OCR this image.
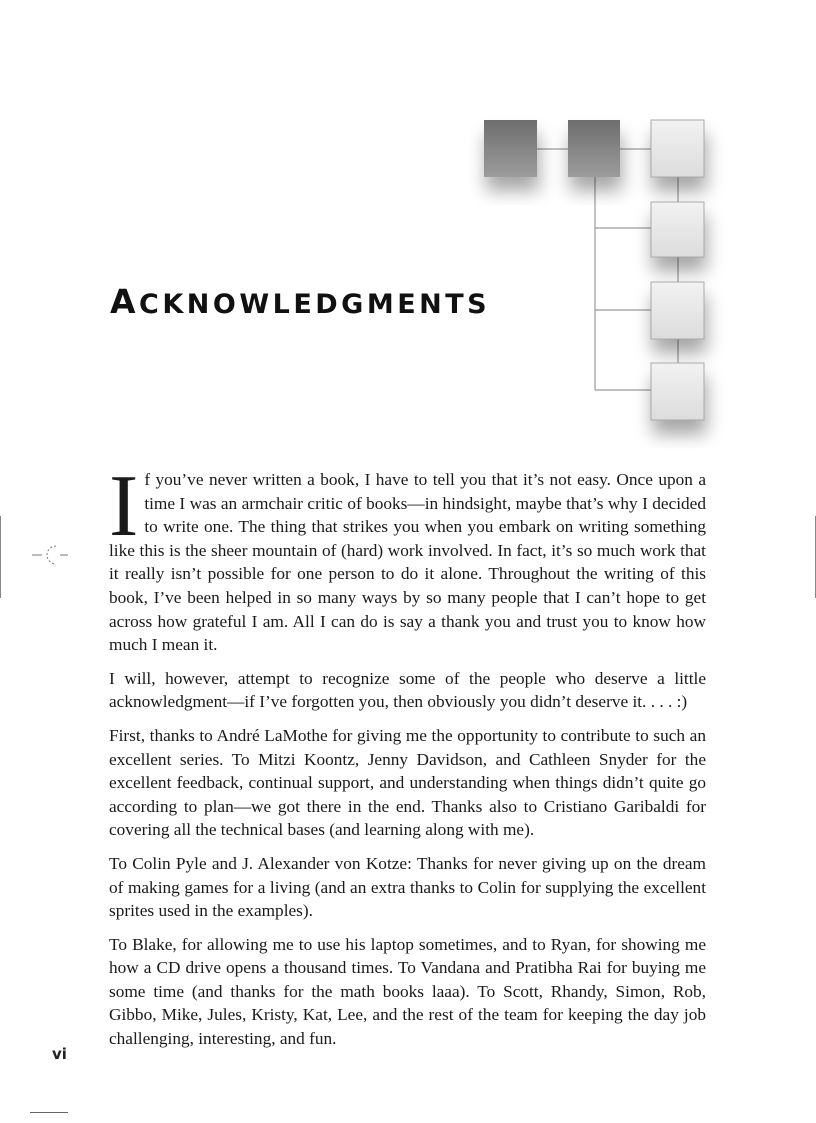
ACKNOWLEDGMENTS

If you’ve never written a book, I have to tell you that it’s not easy. Once upon a time I was an armchair critic of books—in hindsight, maybe that’s why I decided to write one. The thing that strikes you when you embark on writing something like this is the sheer mountain of (hard) work involved. In fact, it’s so much work that it really isn’t possible for one person to do it alone. Throughout the writing of this book, I’ve been helped in so many ways by so many people that I can’t hope to get across how grateful I am. All I can do is say a thank you and trust you to know how much I mean it.

I will, however, attempt to recognize some of the people who deserve a little acknowledgment—if I’ve forgotten you, then obviously you didn’t deserve it. . . . :)

First, thanks to André LaMothe for giving me the opportunity to contribute to such an excellent series. To Mitzi Koontz, Jenny Davidson, and Cathleen Snyder for the excellent feedback, continual support, and understanding when things didn’t quite go according to plan—we got there in the end. Thanks also to Cristiano Garibaldi for covering all the technical bases (and learning along with me).

To Colin Pyle and J. Alexander von Kotze: Thanks for never giving up on the dream of making games for a living (and an extra thanks to Colin for supplying the excellent sprites used in the examples).

To Blake, for allowing me to use his laptop sometimes, and to Ryan, for showing me how a CD drive opens a thousand times. To Vandana and Pratibha Rai for buying me some time (and thanks for the math books laaa). To Scott, Rhandy, Simon, Rob, Gibbo, Mike, Jules, Kristy, Kat, Lee, and the rest of the team for keeping the day job challenging, interesting, and fun.

vi
